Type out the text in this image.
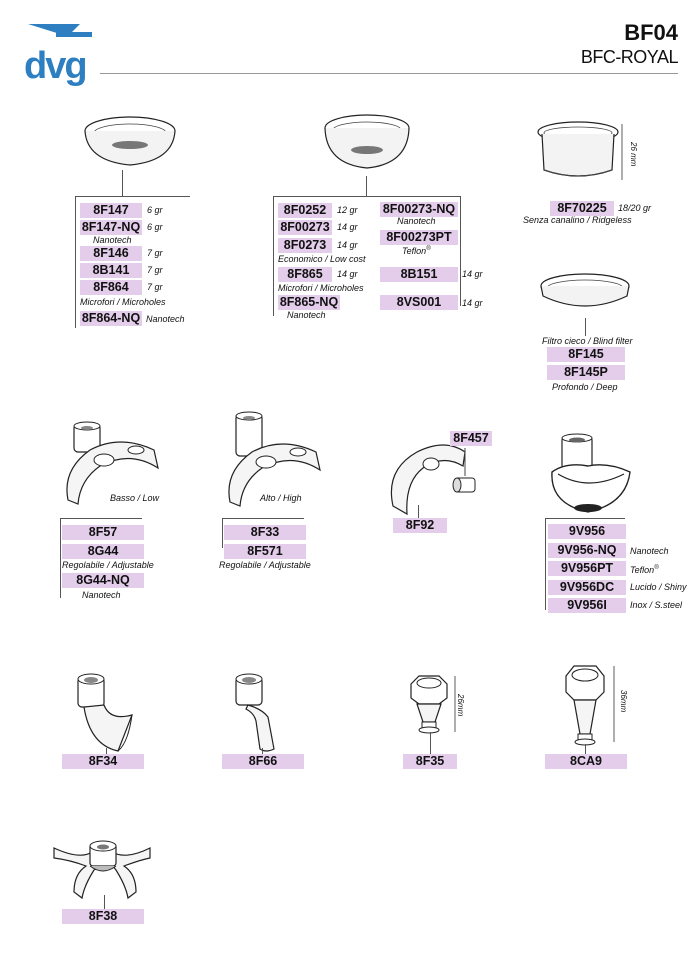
dvg
BF04
BFC-ROYAL
8F147	6 gr
8F147-NQ 6 gr
Nanotech
8F146	7 gr
8B141	7 gr
8F864	7 gr
Microfori / Microholes
8F864-NQ Nanotech
8F0252	12 gr
8F00273 14 gr
8F0273	14 gr
Economico / Low cost
8F865	14 gr
Microfori / Microholes
8F865-NQ
Nanotech
8F00273-NQ
Nanotech
8F00273PT
Teflon®
8B151	14 gr
8VS001	14 gr
26 mm
8F70225	18/20 gr
Senza canalino / Ridgeless
Filtro cieco / Blind filter
8F145
8F145P
Profondo / Deep
Basso / Low
8F57
8G44
Regolabile / Adjustable
8G44-NQ
Nanotech
Alto / High
8F33
8F571
Regolabile / Adjustable
8F457
8F92	9V956
9V956-NQ	Nanotech
9V956PT	Teflon®
9V956DC	Lucido / Shiny
9V956I	Inox / S.steel
8F34	8F66
26mm
8F35
36mm
8CA9
8F38
